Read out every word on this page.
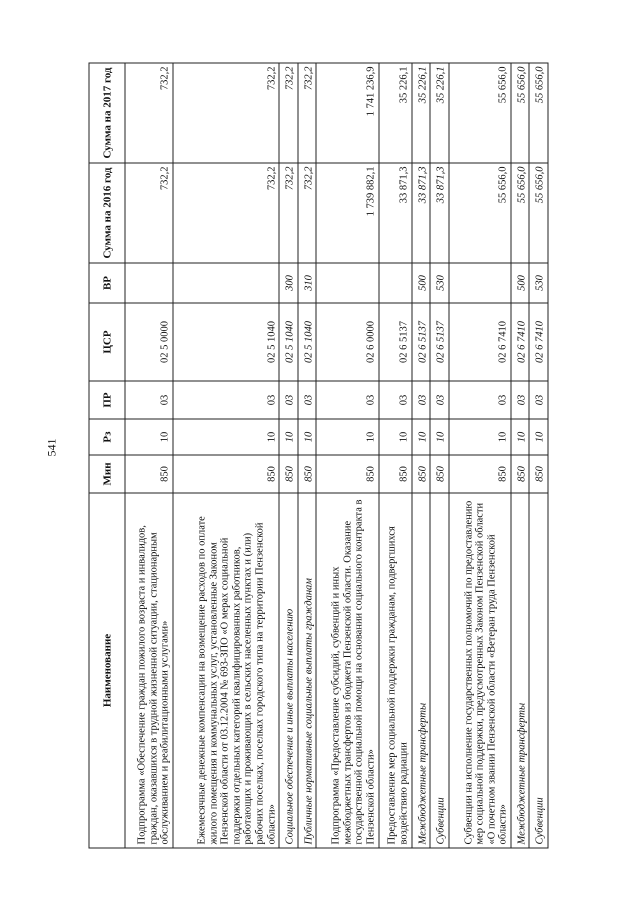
541
Наименование	Мин	Рз	ПР	ЦСР	ВР	Сумма на 2016 год	Сумма на 2017 год
Подпрограмма «Обеспечение граждан пожилого возраста и инвалидов, граждан, оказавшихся в трудной жизненной ситуации, стационарным обслуживанием и реабилитационными услугами»	850	10	03	02 5 0000		732,2	732,2
Ежемесячные денежные компенсации на возмещение расходов по оплате жилого помещения и коммунальных услуг, установленные Законом Пензенской области от 03.12.2004 № 693-ЗПО «О мерах социальной поддержки отдельных категорий квалифицированных работников, работающих и проживающих в сельских населенных пунктах и (или) рабочих поселках, поселках городского типа на территории Пензенской области»	850	10	03	02 5 1040		732,2	732,2
Социальное обеспечение и иные выплаты населению	850	10	03	02 5 1040	300	732,2	732,2
Публичные нормативные социальные выплаты гражданам	850	10	03	02 5 1040	310	732,2	732,2
Подпрограмма «Предоставление субсидий, субвенций и иных межбюджетных трансфертов из бюджета Пензенской области. Оказание государственной социальной помощи на основании социального контракта в Пензенской области»	850	10	03	02 6 0000		1 739 882,1	1 741 236,9
Предоставление мер социальной поддержки гражданам, подвергшихся воздействию радиации	850	10	03	02 6 5137		33 871,3	35 226,1
Межбюджетные трансферты	850	10	03	02 6 5137	500	33 871,3	35 226,1
Субвенции	850	10	03	02 6 5137	530	33 871,3	35 226,1
Субвенции на исполнение государственных полномочий по предоставлению мер социальной поддержки, предусмотренных Законом Пензенской области «О почетном звании Пензенской области «Ветеран труда Пензенской области»	850	10	03	02 6 7410		55 656,0	55 656,0
Межбюджетные трансферты	850	10	03	02 6 7410	500	55 656,0	55 656,0
Субвенции	850	10	03	02 6 7410	530	55 656,0	55 656,0
